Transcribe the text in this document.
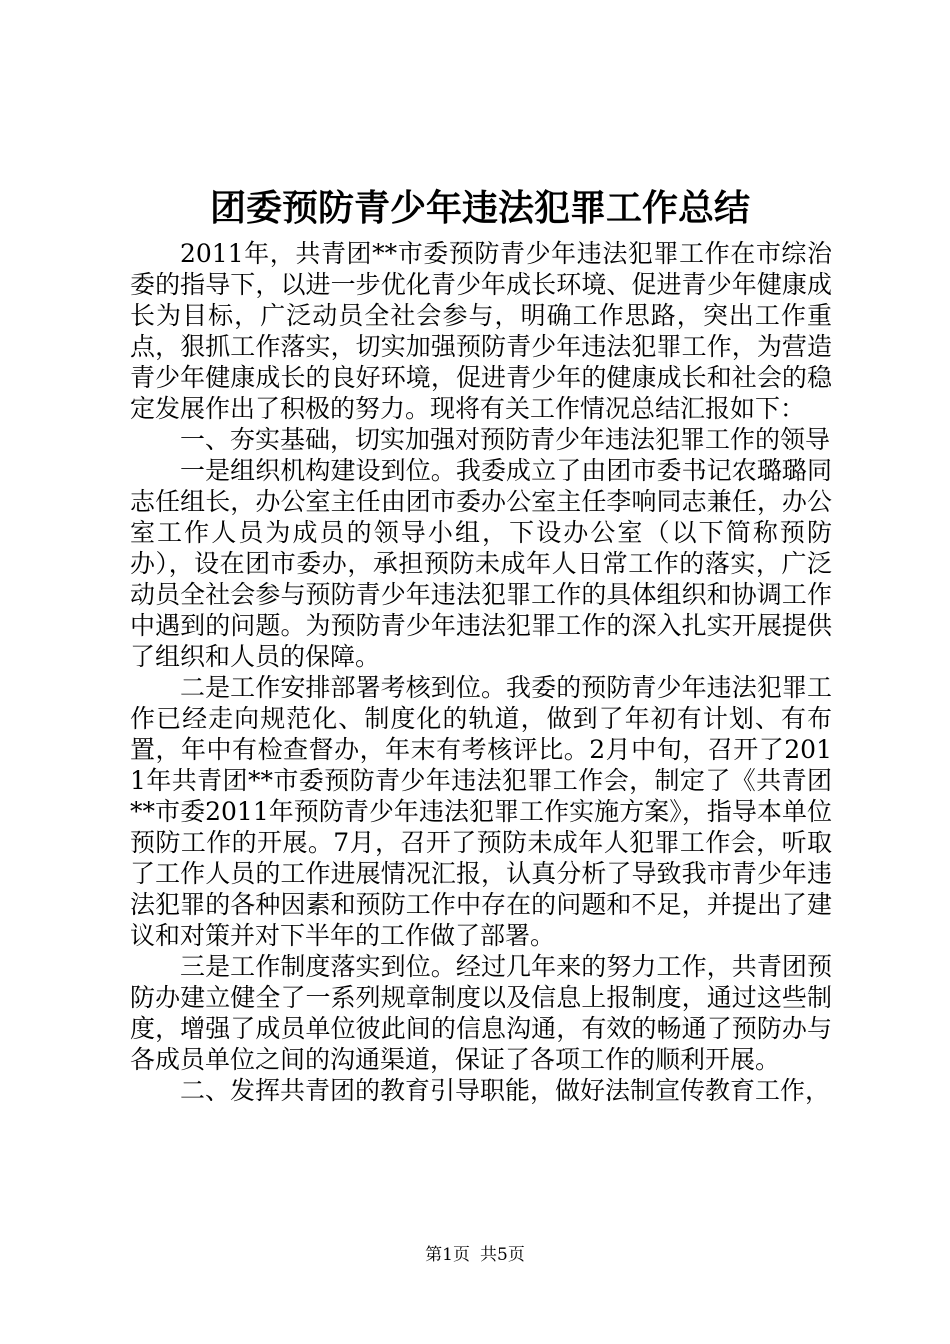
团委预防青少年违法犯罪工作总结

2011年，共青团**市委预防青少年违法犯罪工作在市综治委的指导下，以进一步优化青少年成长环境、促进青少年健康成长为目标，广泛动员全社会参与，明确工作思路，突出工作重点，狠抓工作落实，切实加强预防青少年违法犯罪工作，为营造青少年健康成长的良好环境，促进青少年的健康成长和社会的稳定发展作出了积极的努力。现将有关工作情况总结汇报如下：

一、夯实基础，切实加强对预防青少年违法犯罪工作的领导

一是组织机构建设到位。我委成立了由团市委书记农璐璐同志任组长，办公室主任由团市委办公室主任李响同志兼任，办公室工作人员为成员的领导小组，下设办公室（以下简称预防办），设在团市委办，承担预防未成年人日常工作的落实，广泛动员全社会参与预防青少年违法犯罪工作的具体组织和协调工作中遇到的问题。为预防青少年违法犯罪工作的深入扎实开展提供了组织和人员的保障。

二是工作安排部署考核到位。我委的预防青少年违法犯罪工作已经走向规范化、制度化的轨道，做到了年初有计划、有布置，年中有检查督办，年末有考核评比。2月中旬，召开了2011年共青团**市委预防青少年违法犯罪工作会，制定了《共青团**市委2011年预防青少年违法犯罪工作实施方案》，指导本单位预防工作的开展。7月，召开了预防未成年人犯罪工作会，听取了工作人员的工作进展情况汇报，认真分析了导致我市青少年违法犯罪的各种因素和预防工作中存在的问题和不足，并提出了建议和对策并对下半年的工作做了部署。

三是工作制度落实到位。经过几年来的努力工作，共青团预防办建立健全了一系列规章制度以及信息上报制度，通过这些制度，增强了成员单位彼此间的信息沟通，有效的畅通了预防办与各成员单位之间的沟通渠道，保证了各项工作的顺利开展。

二、发挥共青团的教育引导职能，做好法制宣传教育工作，

第1页 共5页
